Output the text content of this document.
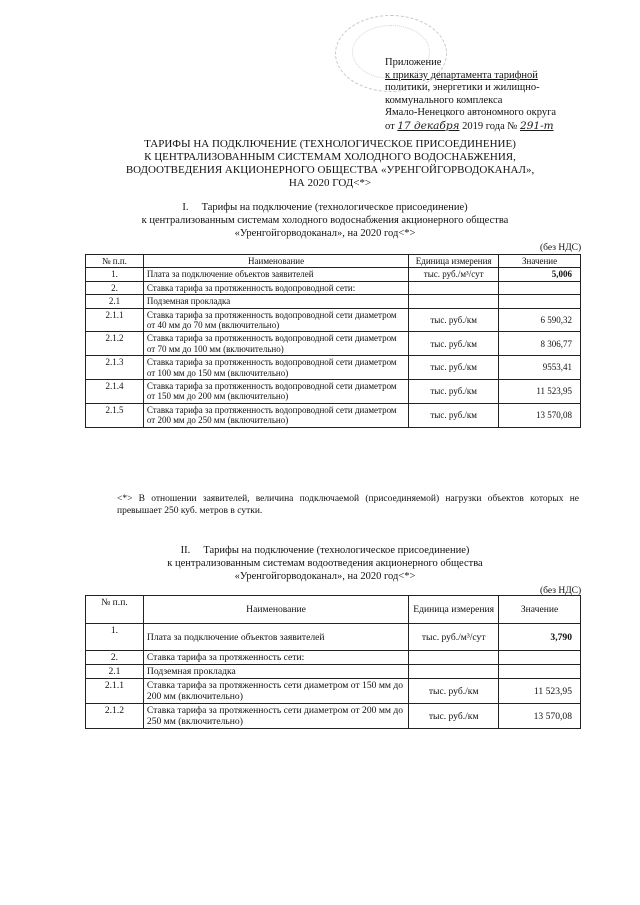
Приложение
к приказу департамента тарифной
политики, энергетики и жилищно-
коммунального комплекса
Ямало-Ненецкого автономного округа
от 17 декабря 2019 года № 291-т
ТАРИФЫ НА ПОДКЛЮЧЕНИЕ (ТЕХНОЛОГИЧЕСКОЕ ПРИСОЕДИНЕНИЕ)
К ЦЕНТРАЛИЗОВАННЫМ СИСТЕМАМ ХОЛОДНОГО ВОДОСНАБЖЕНИЯ,
ВОДООТВЕДЕНИЯ АКЦИОНЕРНОГО ОБЩЕСТВА «УРЕНГОЙГОРВОДОКАНАЛ»,
НА 2020 ГОД<*>
I.     Тарифы на подключение (технологическое присоединение)
к централизованным системам холодного водоснабжения акционерного общества
«Уренгойгорводоканал», на 2020 год<*>
(без НДС)
№ п.п.	Наименование	Единица измерения	Значение
1.	Плата за подключение объектов заявителей	тыс. руб./м³/сут	5,006
2.	Ставка тарифа за протяженность водопроводной сети:		
2.1	Подземная прокладка		
2.1.1	Ставка тарифа за протяженность водопроводной сети диаметром от 40 мм до 70 мм (включительно)	тыс. руб./км	6 590,32
2.1.2	Ставка тарифа за протяженность водопроводной сети диаметром от 70 мм до 100 мм (включительно)	тыс. руб./км	8 306,77
2.1.3	Ставка тарифа за протяженность водопроводной сети диаметром от 100 мм до 150 мм (включительно)	тыс. руб./км	9553,41
2.1.4	Ставка тарифа за протяженность водопроводной сети диаметром от 150 мм до 200 мм (включительно)	тыс. руб./км	11 523,95
2.1.5	Ставка тарифа за протяженность водопроводной сети диаметром от 200 мм до 250 мм (включительно)	тыс. руб./км	13 570,08
<*> В отношении заявителей, величина подключаемой (присоединяемой) нагрузки объектов которых не превышает 250 куб. метров в сутки.
II.     Тарифы на подключение (технологическое присоединение)
к централизованным системам водоотведения акционерного общества
«Уренгойгорводоканал», на 2020 год<*>
(без НДС)
№ п.п.	Наименование	Единица измерения	Значение
1.	Плата за подключение объектов заявителей	тыс. руб./м³/сут	3,790
2.	Ставка тарифа за протяженность сети:		
2.1	Подземная прокладка		
2.1.1	Ставка тарифа за протяженность сети диаметром от 150 мм до 200 мм (включительно)	тыс. руб./км	11 523,95
2.1.2	Ставка тарифа за протяженность сети диаметром от 200 мм до 250 мм (включительно)	тыс. руб./км	13 570,08
